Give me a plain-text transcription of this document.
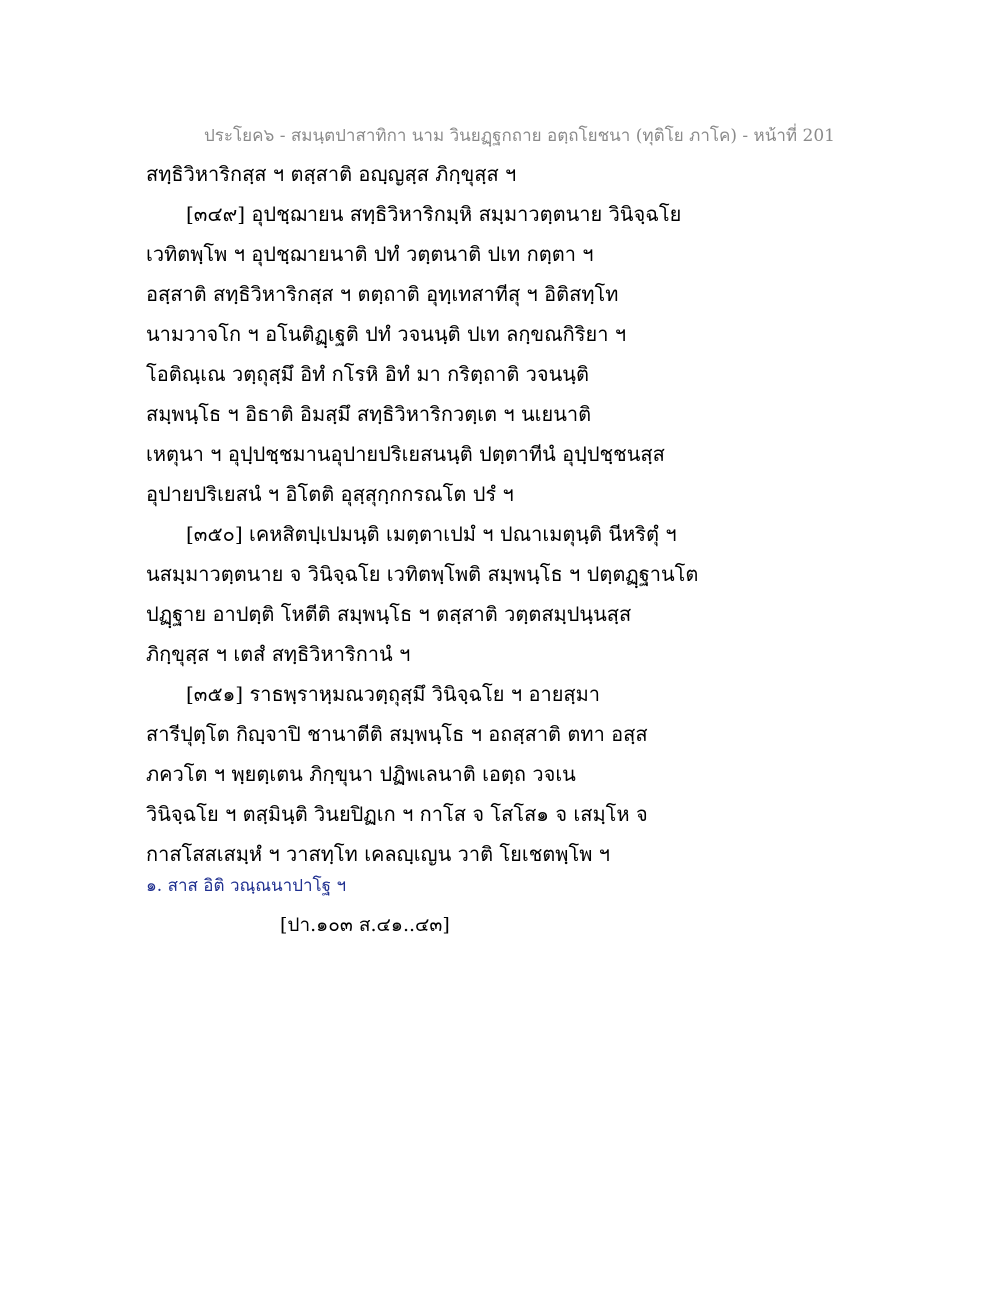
ประโยค๖ - สมนฺตปาสาทิกา นาม วินยฏฺฐกถาย อตฺถโยชนา (ทุติโย ภาโค) - หน้าที่ 201
สทฺธิวิหาริกสฺส ฯ ตสฺสาติ อญฺญสฺส ภิกฺขุสฺส ฯ
[๓๔๙] อุปชฺฌายน สทฺธิวิหาริกมฺหิ สมฺมาวตฺตนาย วินิจฺฉโย
เวทิตพฺโพ ฯ อุปชฺฌายนาติ ปทํ วตฺตนาติ ปเท กตฺตา ฯ
อสฺสาติ สทฺธิวิหาริกสฺส ฯ ตตฺถาติ อุทฺเทสาทีสุ ฯ อิติสทฺโท
นามวาจโก ฯ อโนติฏฺเฐติ ปทํ วจนนฺติ ปเท ลกฺขณกิริยา ฯ
โอติณฺเณ วตฺถุสฺมึ อิทํ กโรหิ อิทํ มา กริตฺถาติ วจนนฺติ
สมฺพนฺโธ ฯ อิธาติ อิมสฺมึ สทฺธิวิหาริกวตฺเต ฯ นเยนาติ
เหตุนา ฯ อุปฺปชฺชมานอุปายปริเยสนนฺติ ปตฺตาทีนํ อุปฺปชฺชนสฺส
อุปายปริเยสนํ ฯ อิโตติ อุสฺสุกฺกกรณโต ปรํ ฯ
[๓๕๐] เคหสิตปฺเปมนฺติ เมตฺตาเปมํ ฯ ปณาเมตุนฺติ นีหริตุํ ฯ
นสมฺมาวตฺตนาย จ วินิจฺฉโย เวทิตพฺโพติ สมฺพนฺโธ ฯ ปตฺตฏฺฐานโต
ปฏฺฐาย อาปตฺติ โหตีติ สมฺพนฺโธ ฯ ตสฺสาติ วตฺตสมฺปนฺนสฺส
ภิกฺขุสฺส ฯ เตสํ สทฺธิวิหาริกานํ ฯ
[๓๕๑] ราธพฺราหฺมณวตฺถุสฺมึ วินิจฺฉโย ฯ อายสฺมา
สารีปุตฺโต กิญฺจาปิ ชานาตีติ สมฺพนฺโธ ฯ อถสฺสาติ ตทา อสฺส
ภควโต ฯ พฺยตฺเตน ภิกฺขุนา ปฏิพเลนาติ เอตฺถ วจเน
วินิจฺฉโย ฯ ตสฺมินฺติ วินยปิฏเก ฯ กาโส จ โสโส๑ จ เสมฺโห จ
กาสโสสเสมฺหํ ฯ วาสทฺโท เคลญฺเญน วาติ โยเชตพฺโพ ฯ
๑. สาส อิติ วณฺณนาปาโฐ ฯ
[ปา.๑๐๓ ส.๔๑..๔๓]
